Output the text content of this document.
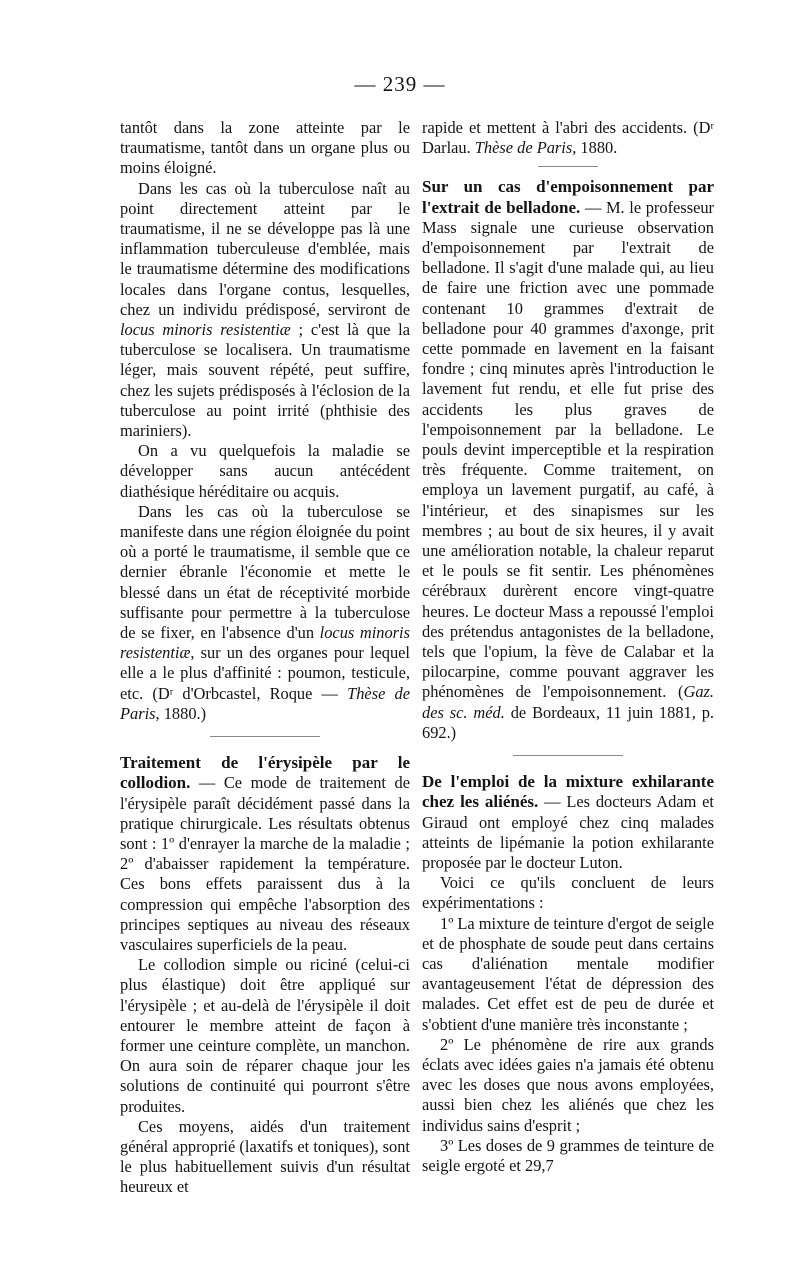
— 239 —

tantôt dans la zone atteinte par le traumatisme, tantôt dans un organe plus ou moins éloigné.

Dans les cas où la tuberculose naît au point directement atteint par le traumatisme, il ne se développe pas là une inflammation tuberculeuse d'emblée, mais le traumatisme détermine des modifications locales dans l'organe contus, lesquelles, chez un individu prédisposé, serviront de locus minoris resistentiæ ; c'est là que la tuberculose se localisera. Un traumatisme léger, mais souvent répété, peut suffire, chez les sujets prédisposés à l'éclosion de la tuberculose au point irrité (phthisie des mariniers).

On a vu quelquefois la maladie se développer sans aucun antécédent diathésique héréditaire ou acquis.

Dans les cas où la tuberculose se manifeste dans une région éloignée du point où a porté le traumatisme, il semble que ce dernier ébranle l'économie et mette le blessé dans un état de réceptivité morbide suffisante pour permettre à la tuberculose de se fixer, en l'absence d'un locus minoris resistentiæ, sur un des organes pour lequel elle a le plus d'affinité : poumon, testicule, etc. (Dʳ d'Orbcastel, Roque — Thèse de Paris, 1880.)

Traitement de l'érysipèle par le collodion. — Ce mode de traitement de l'érysipèle paraît décidément passé dans la pratique chirurgicale. Les résultats obtenus sont : 1º d'enrayer la marche de la maladie ; 2º d'abaisser rapidement la température. Ces bons effets paraissent dus à la compression qui empêche l'absorption des principes septiques au niveau des réseaux vasculaires superficiels de la peau.

Le collodion simple ou riciné (celui-ci plus élastique) doit être appliqué sur l'érysipèle ; et au-delà de l'érysipèle il doit entourer le membre atteint de façon à former une ceinture complète, un manchon. On aura soin de réparer chaque jour les solutions de continuité qui pourront s'être produites.

Ces moyens, aidés d'un traitement général approprié (laxatifs et toniques), sont le plus habituellement suivis d'un résultat heureux et

rapide et mettent à l'abri des accidents. (Dʳ Darlau. Thèse de Paris, 1880.

Sur un cas d'empoisonnement par l'extrait de belladone. — M. le professeur Mass signale une curieuse observation d'empoisonnement par l'extrait de belladone. Il s'agit d'une malade qui, au lieu de faire une friction avec une pommade contenant 10 grammes d'extrait de belladone pour 40 grammes d'axonge, prit cette pommade en lavement en la faisant fondre ; cinq minutes après l'introduction le lavement fut rendu, et elle fut prise des accidents les plus graves de l'empoisonnement par la belladone. Le pouls devint imperceptible et la respiration très fréquente. Comme traitement, on employa un lavement purgatif, au café, à l'intérieur, et des sinapismes sur les membres ; au bout de six heures, il y avait une amélioration notable, la chaleur reparut et le pouls se fit sentir. Les phénomènes cérébraux durèrent encore vingt-quatre heures. Le docteur Mass a repoussé l'emploi des prétendus antagonistes de la belladone, tels que l'opium, la fève de Calabar et la pilocarpine, comme pouvant aggraver les phénomènes de l'empoisonnement. (Gaz. des sc. méd. de Bordeaux, 11 juin 1881, p. 692.)

De l'emploi de la mixture exhilarante chez les aliénés. — Les docteurs Adam et Giraud ont employé chez cinq malades atteints de lipémanie la potion exhilarante proposée par le docteur Luton.

Voici ce qu'ils concluent de leurs expérimentations :

1º La mixture de teinture d'ergot de seigle et de phosphate de soude peut dans certains cas d'aliénation mentale modifier avantageusement l'état de dépression des malades. Cet effet est de peu de durée et s'obtient d'une manière très inconstante ;

2º Le phénomène de rire aux grands éclats avec idées gaies n'a jamais été obtenu avec les doses que nous avons employées, aussi bien chez les aliénés que chez les individus sains d'esprit ;

3º Les doses de 9 grammes de teinture de seigle ergoté et 29,7
